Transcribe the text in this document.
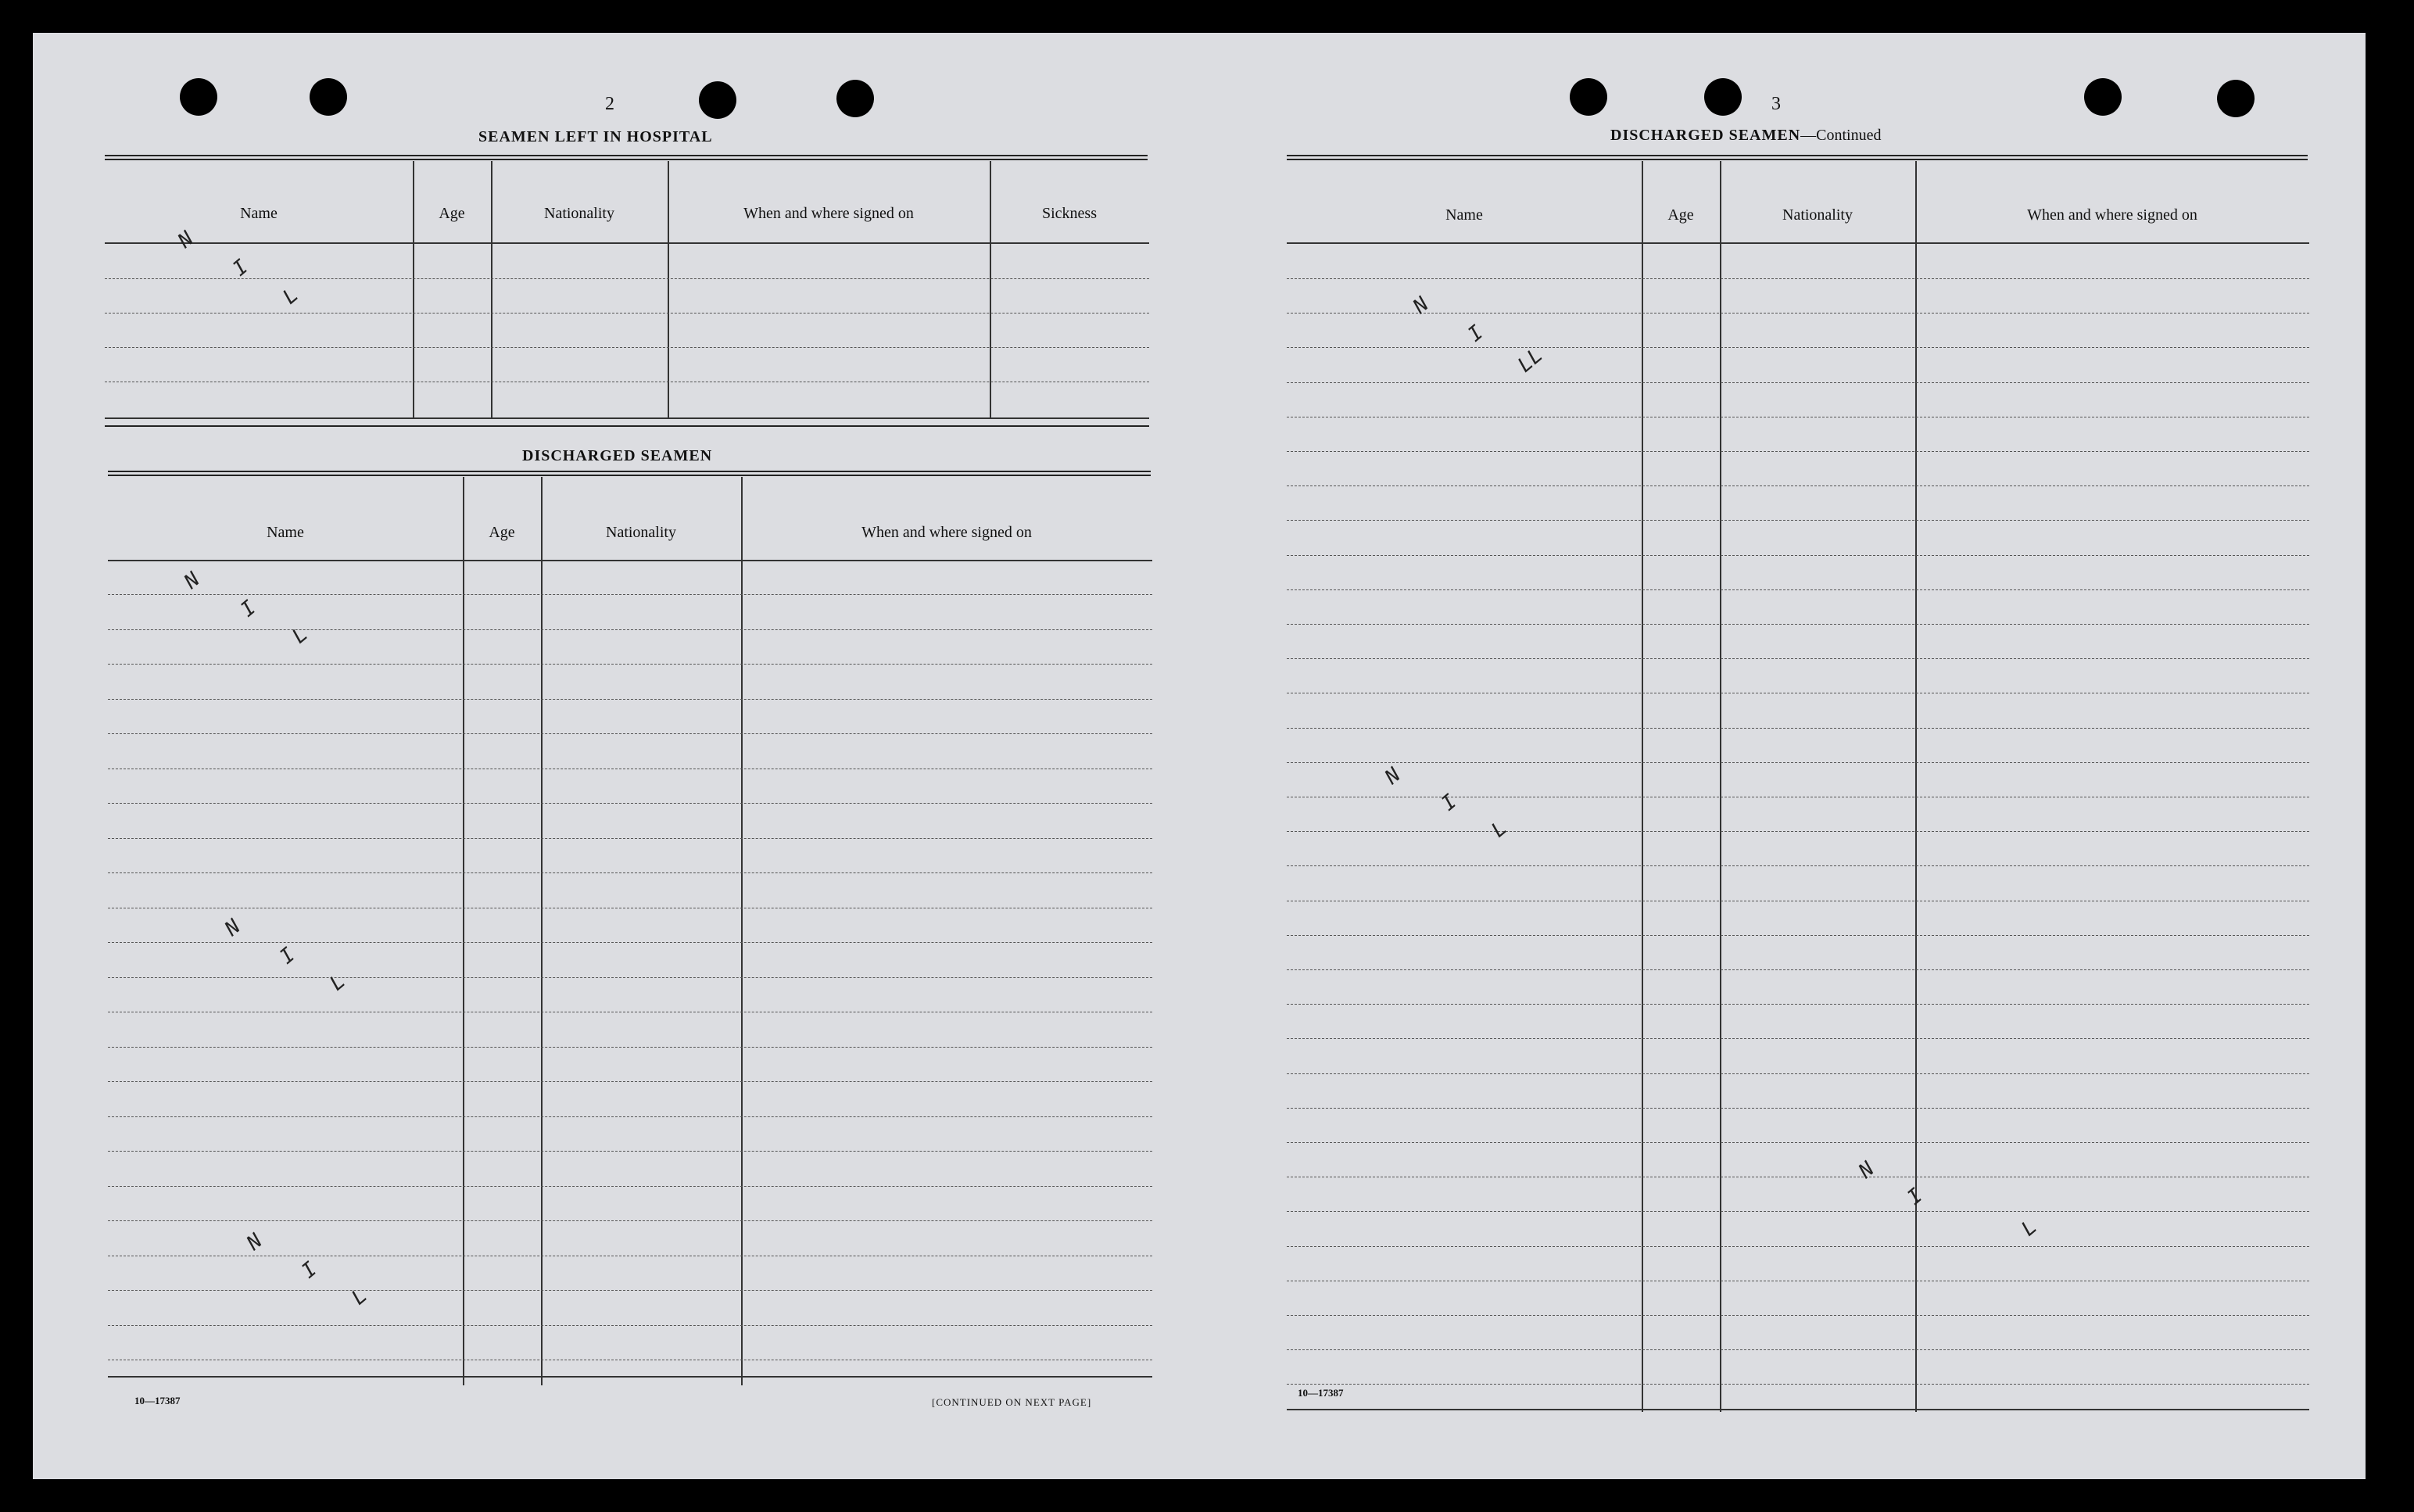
2
SEAMEN LEFT IN HOSPITAL
Name	Age	Nationality	When and where signed on	Sickness
N
I
L
DISCHARGED SEAMEN
Name	Age	Nationality	When and where signed on
N
I
L
N
I
L
N
I
L
10—17387	[CONTINUED ON NEXT PAGE]
3
DISCHARGED SEAMEN—Continued
Name	Age	Nationality	When and where signed on
N
I
LL
N
I
L
N
I
L
10—17387
